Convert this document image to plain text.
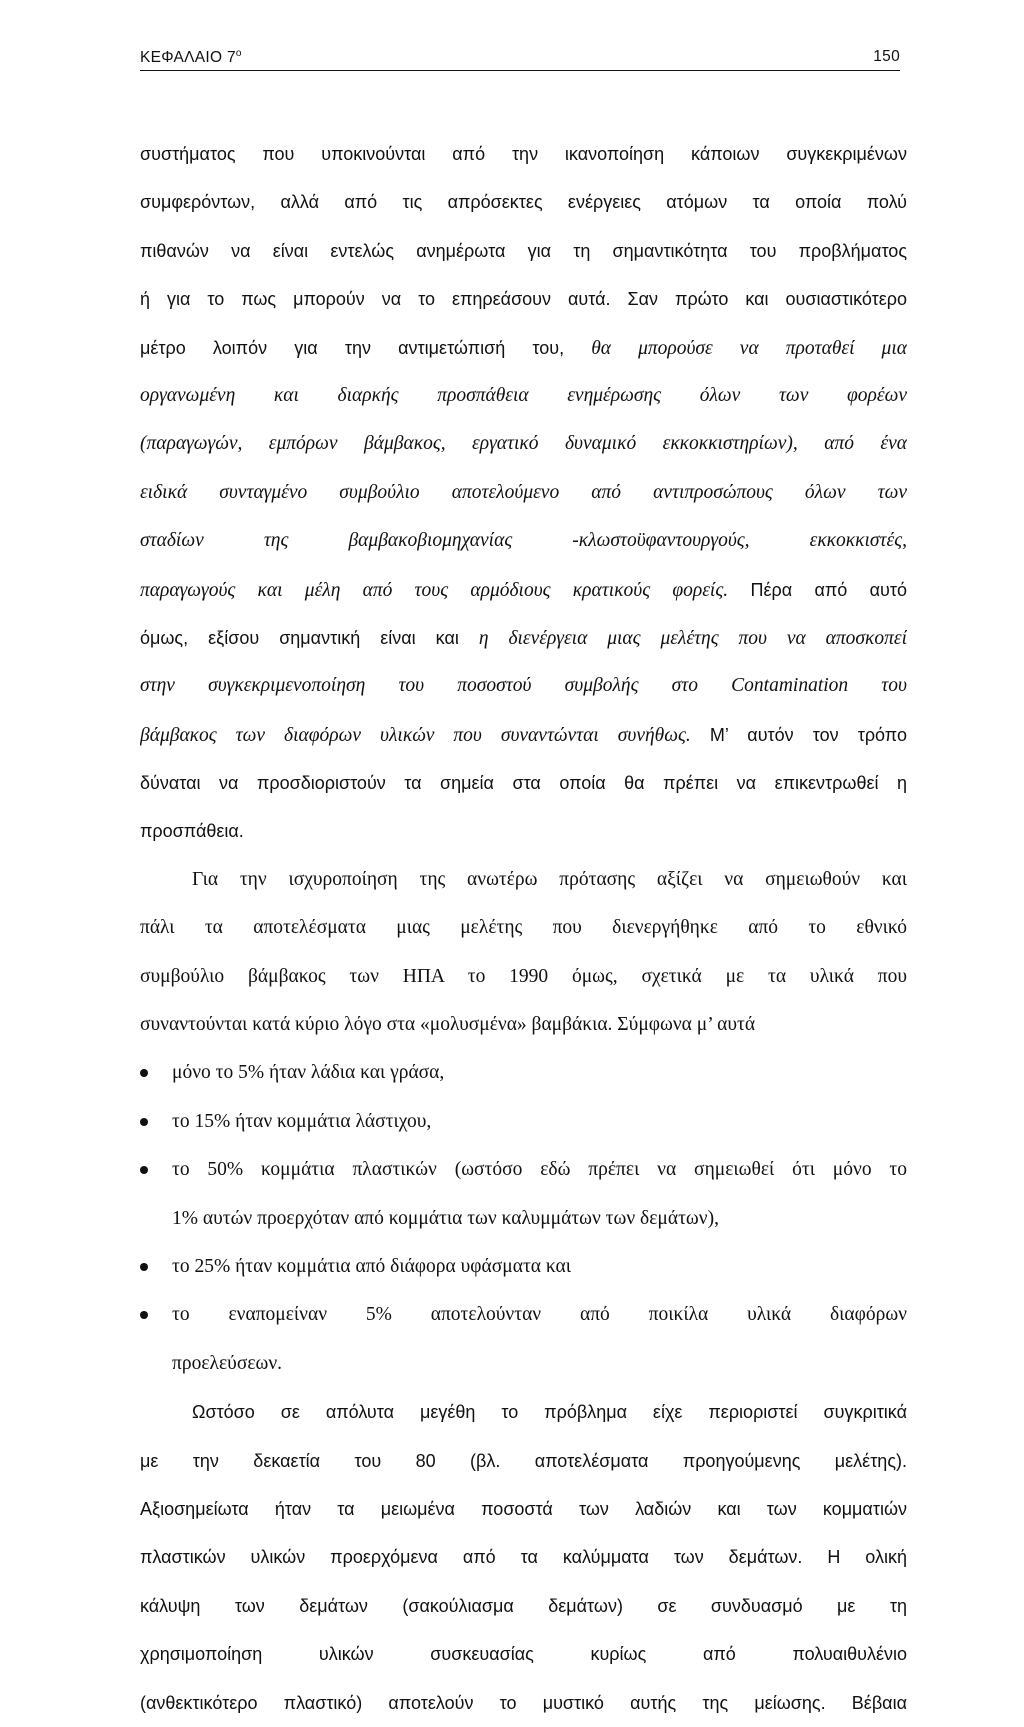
ΚΕΦΑΛΑΙΟ $7^o$	150
συστήματος που υποκινούνται από την ικανοποίηση κάποιων συγκεκριμένων
συμφερόντων, αλλά από τις απρόσεκτες ενέργειες ατόμων τα οποία πολύ
πιθανών να είναι εντελώς ανημέρωτα για τη σημαντικότητα του προβλήματος
ή για το πως μπορούν να το επηρεάσουν αυτά. Σαν πρώτο και ουσιαστικότερο
μέτρο λοιπόν για την αντιμετώπισή του, θα μπορούσε να προταθεί μια
οργανωμένη και διαρκής προσπάθεια ενημέρωσης όλων των φορέων
(παραγωγών, εμπόρων βάμβακος, εργατικό δυναμικό εκκοκκιστηρίων), από ένα
ειδικά συνταγμένο συμβούλιο αποτελούμενο από αντιπροσώπους όλων των
σταδίων της βαμβακοβιομηχανίας -κλωστοϋφαντουργούς, εκκοκκιστές,
παραγωγούς και μέλη από τους αρμόδιους κρατικούς φορείς. Πέρα από αυτό
όμως, εξίσου σημαντική είναι και η διενέργεια μιας μελέτης που να αποσκοπεί
στην συγκεκριμενοποίηση του ποσοστού συμβολής στο Contamination του
βάμβακος των διαφόρων υλικών που συναντώνται συνήθως. Μ’ αυτόν τον τρόπο
δύναται να προσδιοριστούν τα σημεία στα οποία θα πρέπει να επικεντρωθεί η
προσπάθεια.
Για την ισχυροποίηση της ανωτέρω πρότασης αξίζει να σημειωθούν και
πάλι τα αποτελέσματα μιας μελέτης που διενεργήθηκε από το εθνικό
συμβούλιο βάμβακος των ΗΠΑ το 1990 όμως, σχετικά με τα υλικά που
συναντούνται κατά κύριο λόγο στα «μολυσμένα» βαμβάκια. Σύμφωνα μ’ αυτά
μόνο το 5% ήταν λάδια και γράσα,
το 15% ήταν κομμάτια λάστιχου,
το 50% κομμάτια πλαστικών (ωστόσο εδώ πρέπει να σημειωθεί ότι μόνο το
1% αυτών προερχόταν από κομμάτια των καλυμμάτων των δεμάτων),
το 25% ήταν κομμάτια από διάφορα υφάσματα και
το εναπομείναν 5% αποτελούνταν από ποικίλα υλικά διαφόρων
προελεύσεων.
Ωστόσο σε απόλυτα μεγέθη το πρόβλημα είχε περιοριστεί συγκριτικά
με την δεκαετία του 80 (βλ. αποτελέσματα προηγούμενης μελέτης).
Αξιοσημείωτα ήταν τα μειωμένα ποσοστά των λαδιών και των κομματιών
πλαστικών υλικών προερχόμενα από τα καλύμματα των δεμάτων. Η ολική
κάλυψη των δεμάτων (σακούλιασμα δεμάτων) σε συνδυασμό με τη
χρησιμοποίηση υλικών συσκευασίας κυρίως από πολυαιθυλένιο
(ανθεκτικότερο πλαστικό) αποτελούν το μυστικό αυτής της μείωσης. Βέβαια
